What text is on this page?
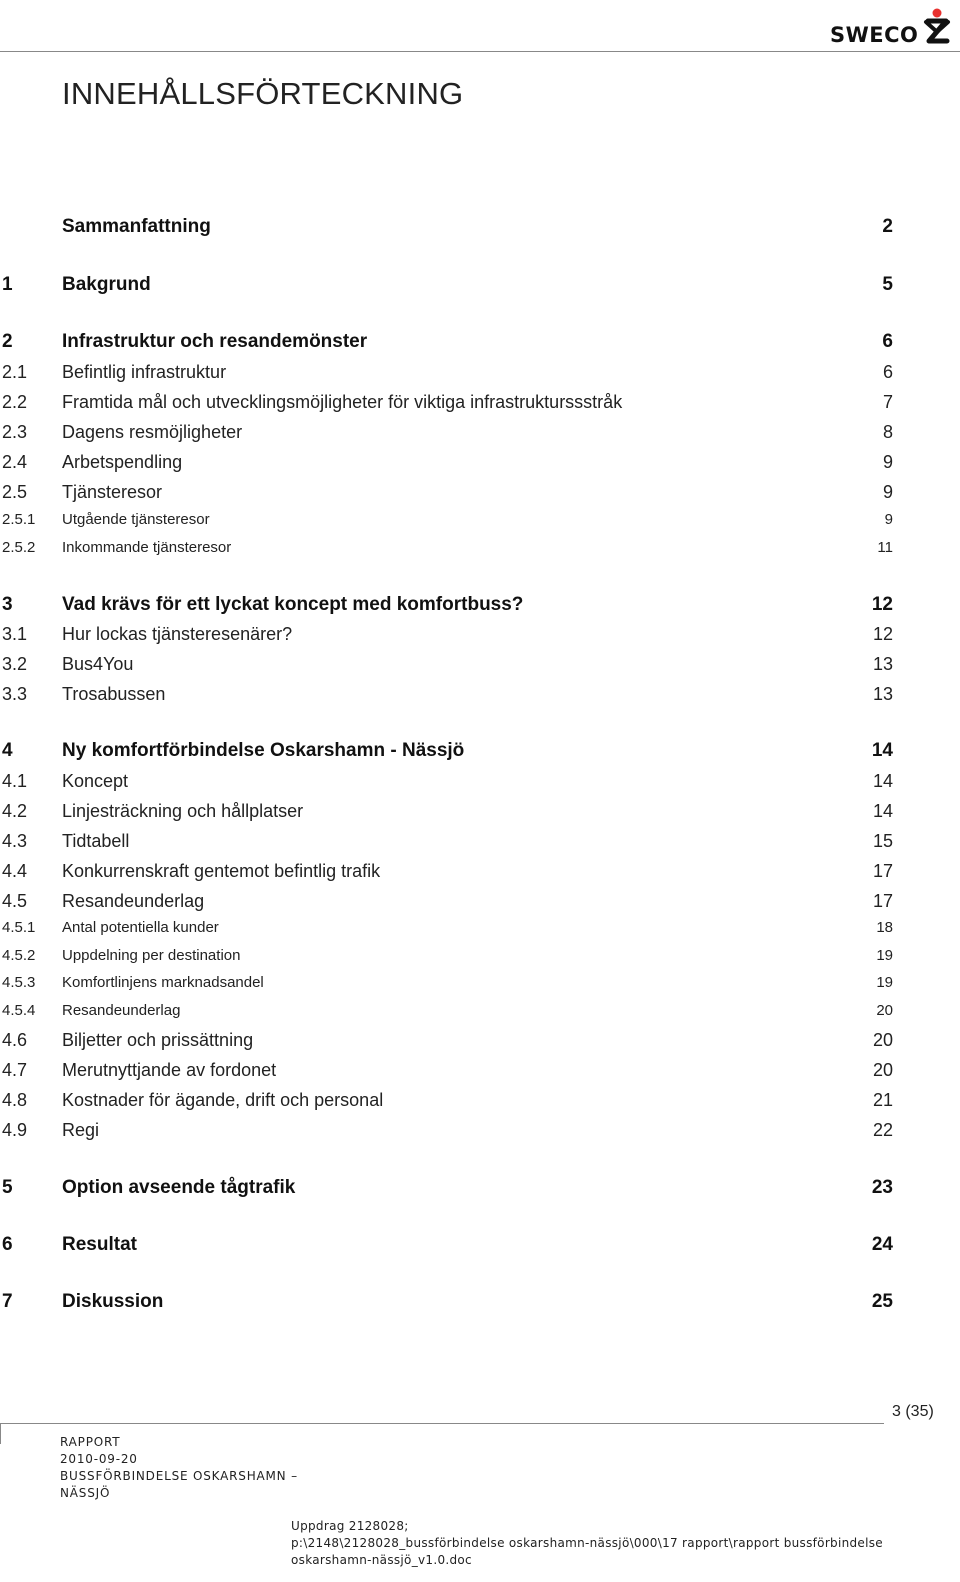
SWECO
INNEHÅLLSFÖRTECKNING
Sammanfattning	2
1	Bakgrund	5
2	Infrastruktur och resandemönster	6
2.1 Befintlig infrastruktur	6
2.2 Framtida mål och utvecklingsmöjligheter för viktiga infrastrukturssstråk	7
2.3 Dagens resmöjligheter	8
2.4 Arbetspendling	9
2.5 Tjänsteresor	9
2.5.1 Utgående tjänsteresor	9
2.5.2 Inkommande tjänsteresor	11
3	Vad krävs för ett lyckat koncept med komfortbuss?	12
3.1 Hur lockas tjänsteresenärer?	12
3.2 Bus4You	13
3.3 Trosabussen	13
4	Ny komfortförbindelse Oskarshamn - Nässjö	14
4.1 Koncept	14
4.2 Linjesträckning och hållplatser	14
4.3 Tidtabell	15
4.4 Konkurrenskraft gentemot befintlig trafik	17
4.5 Resandeunderlag	17
4.5.1 Antal potentiella kunder	18
4.5.2 Uppdelning per destination	19
4.5.3 Komfortlinjens marknadsandel	19
4.5.4 Resandeunderlag	20
4.6 Biljetter och prissättning	20
4.7 Merutnyttjande av fordonet	20
4.8 Kostnader för ägande, drift och personal	21
4.9 Regi	22
5	Option avseende tågtrafik	23
6	Resultat	24
7	Diskussion	25
3 (35)
RAPPORT
2010-09-20
BUSSFÖRBINDELSE OSKARSHAMN –
NÄSSJÖ
Uppdrag 2128028;
p:\2148\2128028_bussförbindelse oskarshamn-nässjö\000\17 rapport\rapport bussförbindelse
oskarshamn-nässjö_v1.0.doc
